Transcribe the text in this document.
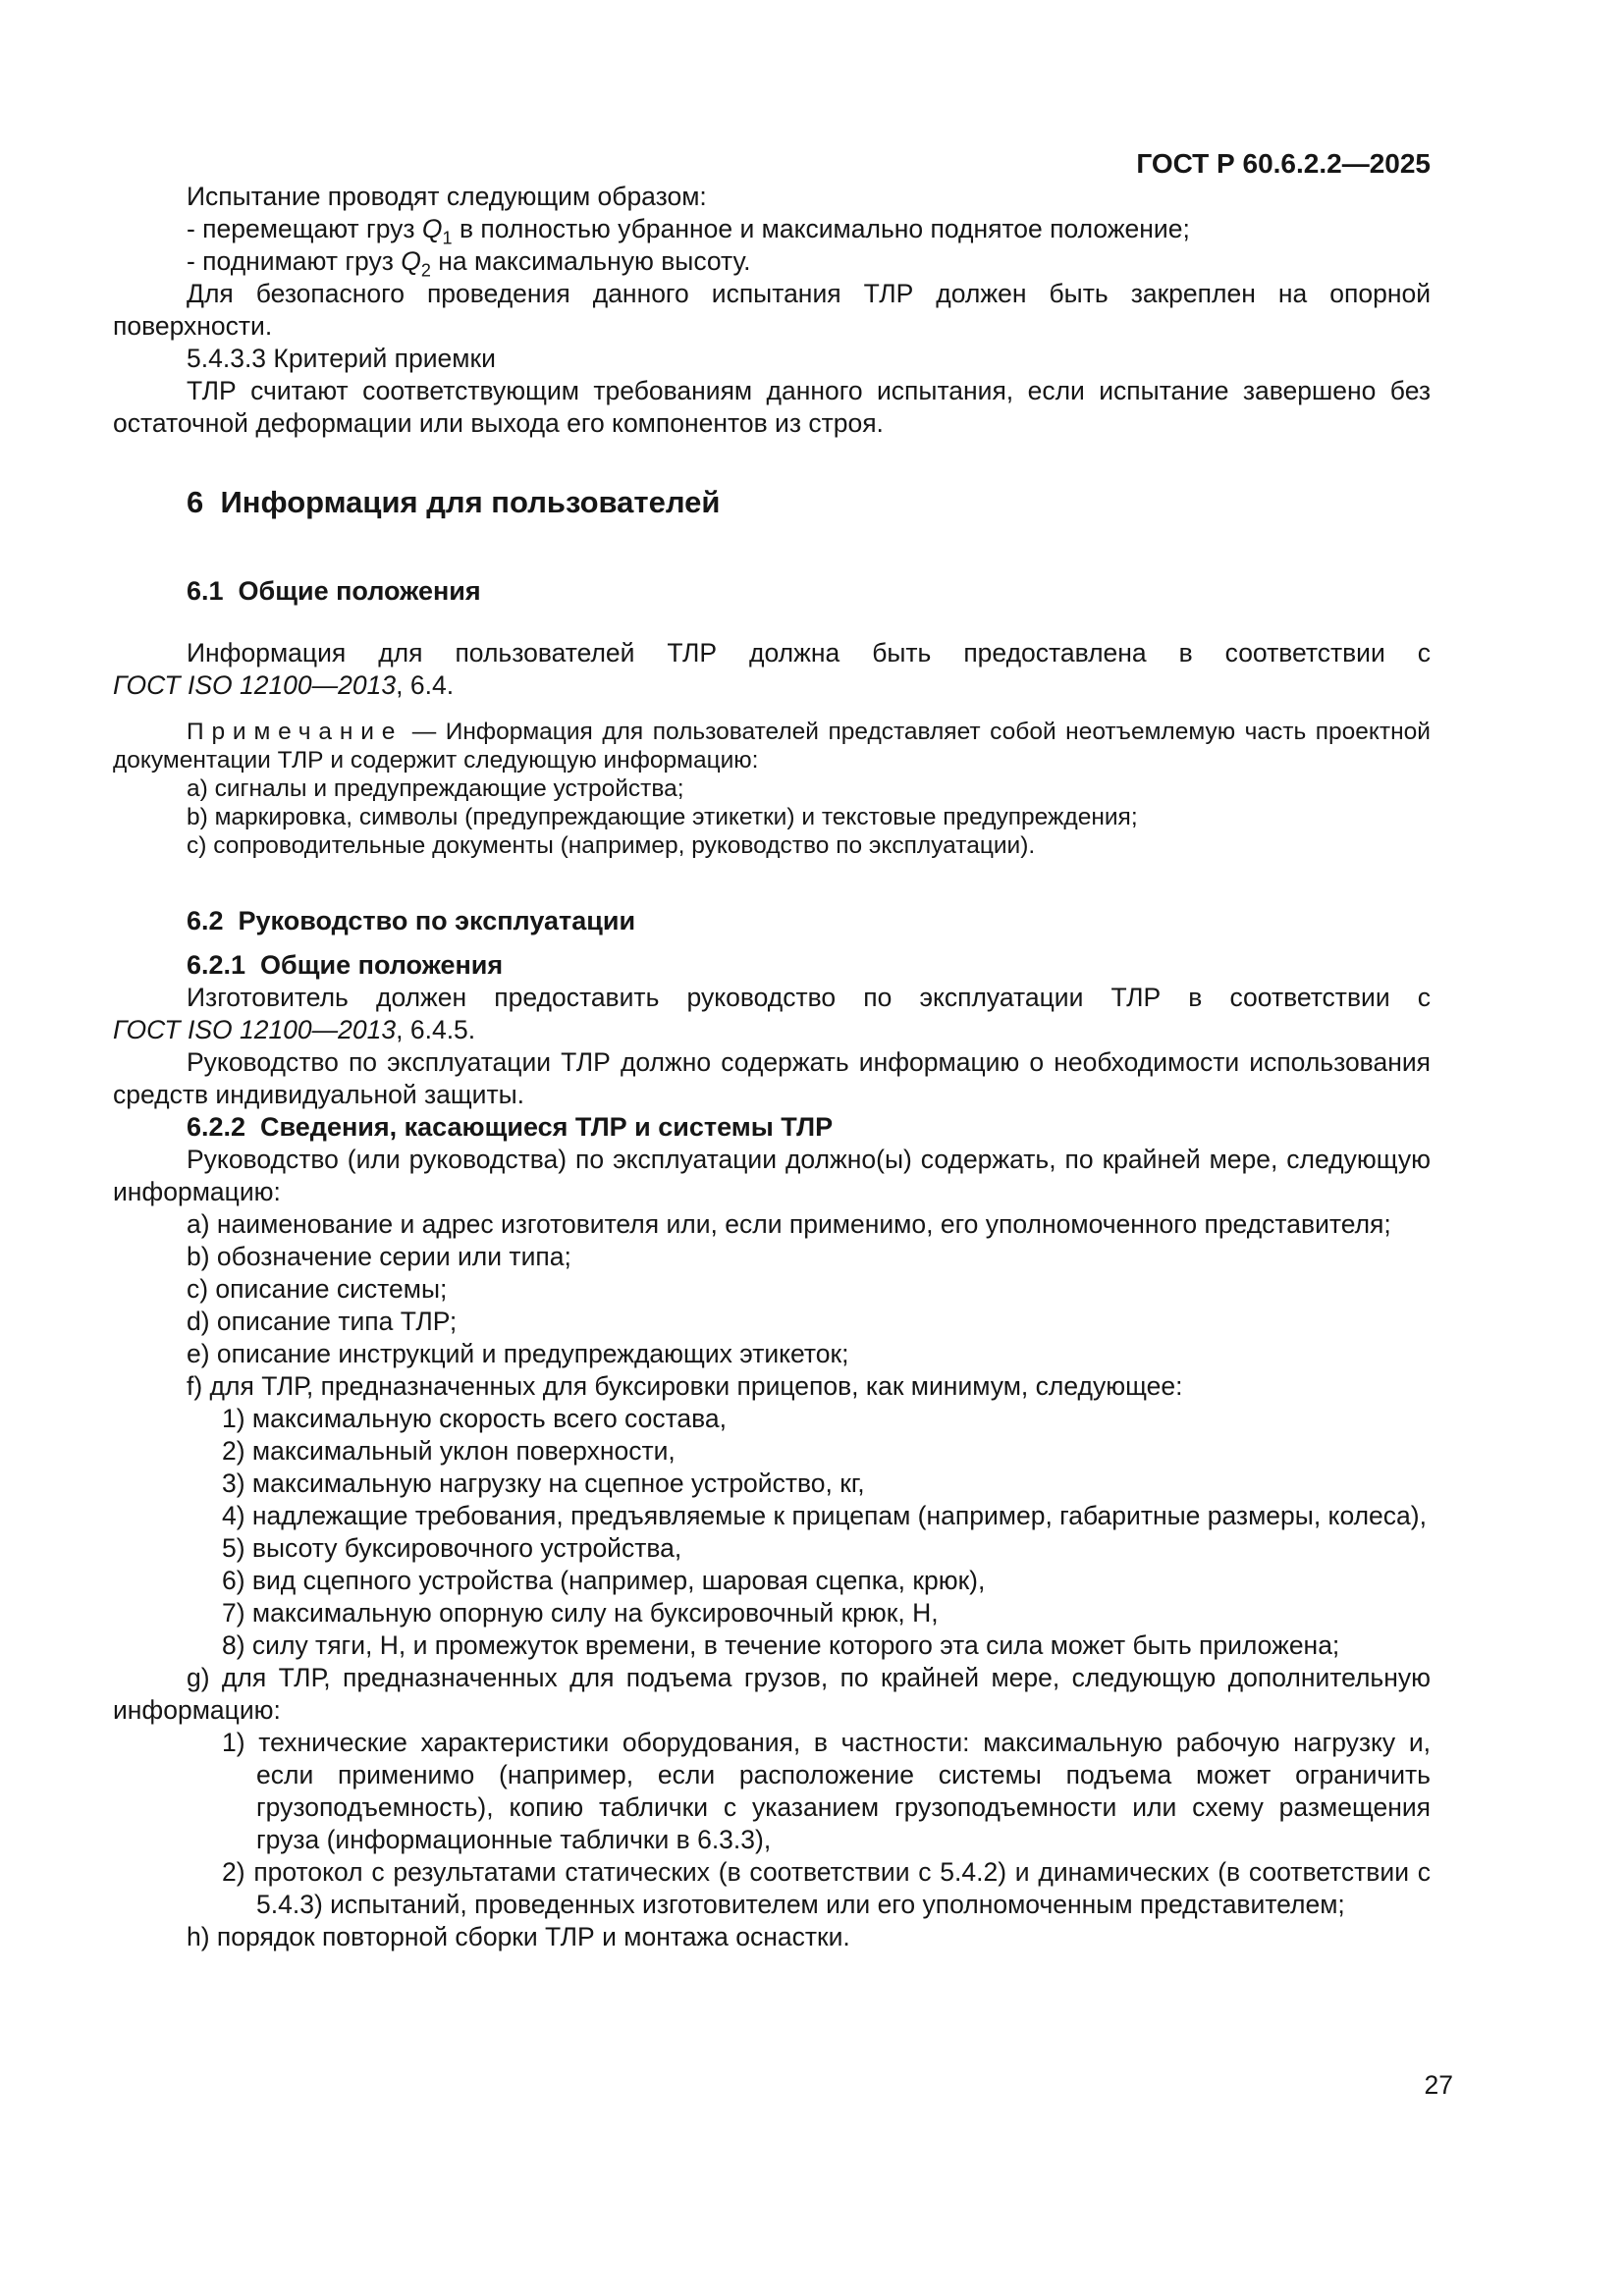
ГОСТ Р 60.6.2.2—2025

Испытание проводят следующим образом:

- перемещают груз $Q_1$ в полностью убранное и максимально поднятое положение;

- поднимают груз $Q_2$ на максимальную высоту.

Для безопасного проведения данного испытания ТЛР должен быть закреплен на опорной поверхности.

5.4.3.3 Критерий приемки

ТЛР считают соответствующим требованиям данного испытания, если испытание завершено без остаточной деформации или выхода его компонентов из строя.

6  Информация для пользователей
6.1  Общие положения

Информация для пользователей ТЛР должна быть предоставлена в соответствии с ГОСТ ISO 12100—2013, 6.4.

Примечание — Информация для пользователей представляет собой неотъемлемую часть проектной документации ТЛР и содержит следующую информацию:

a) сигналы и предупреждающие устройства;

b) маркировка, символы (предупреждающие этикетки) и текстовые предупреждения;

c) сопроводительные документы (например, руководство по эксплуатации).

6.2  Руководство по эксплуатации
6.2.1  Общие положения

Изготовитель должен предоставить руководство по эксплуатации ТЛР в соответствии с ГОСТ ISO 12100—2013, 6.4.5.

Руководство по эксплуатации ТЛР должно содержать информацию о необходимости использования средств индивидуальной защиты.

6.2.2  Сведения, касающиеся ТЛР и системы ТЛР

Руководство (или руководства) по эксплуатации должно(ы) содержать, по крайней мере, следующую информацию:

a) наименование и адрес изготовителя или, если применимо, его уполномоченного представителя;

b) обозначение серии или типа;

c) описание системы;

d) описание типа ТЛР;

e) описание инструкций и предупреждающих этикеток;

f) для ТЛР, предназначенных для буксировки прицепов, как минимум, следующее:

1) максимальную скорость всего состава,

2) максимальный уклон поверхности,

3) максимальную нагрузку на сцепное устройство, кг,

4) надлежащие требования, предъявляемые к прицепам (например, габаритные размеры, колеса),

5) высоту буксировочного устройства,

6) вид сцепного устройства (например, шаровая сцепка, крюк),

7) максимальную опорную силу на буксировочный крюк, Н,

8) силу тяги, Н, и промежуток времени, в течение которого эта сила может быть приложена;

g) для ТЛР, предназначенных для подъема грузов, по крайней мере, следующую дополнительную информацию:

1) технические характеристики оборудования, в частности: максимальную рабочую нагрузку и, если применимо (например, если расположение системы подъема может ограничить грузоподъемность), копию таблички с указанием грузоподъемности или схему размещения груза (информационные таблички в 6.3.3),

2) протокол с результатами статических (в соответствии с 5.4.2) и динамических (в соответствии с 5.4.3) испытаний, проведенных изготовителем или его уполномоченным представителем;

h) порядок повторной сборки ТЛР и монтажа оснастки.

27
